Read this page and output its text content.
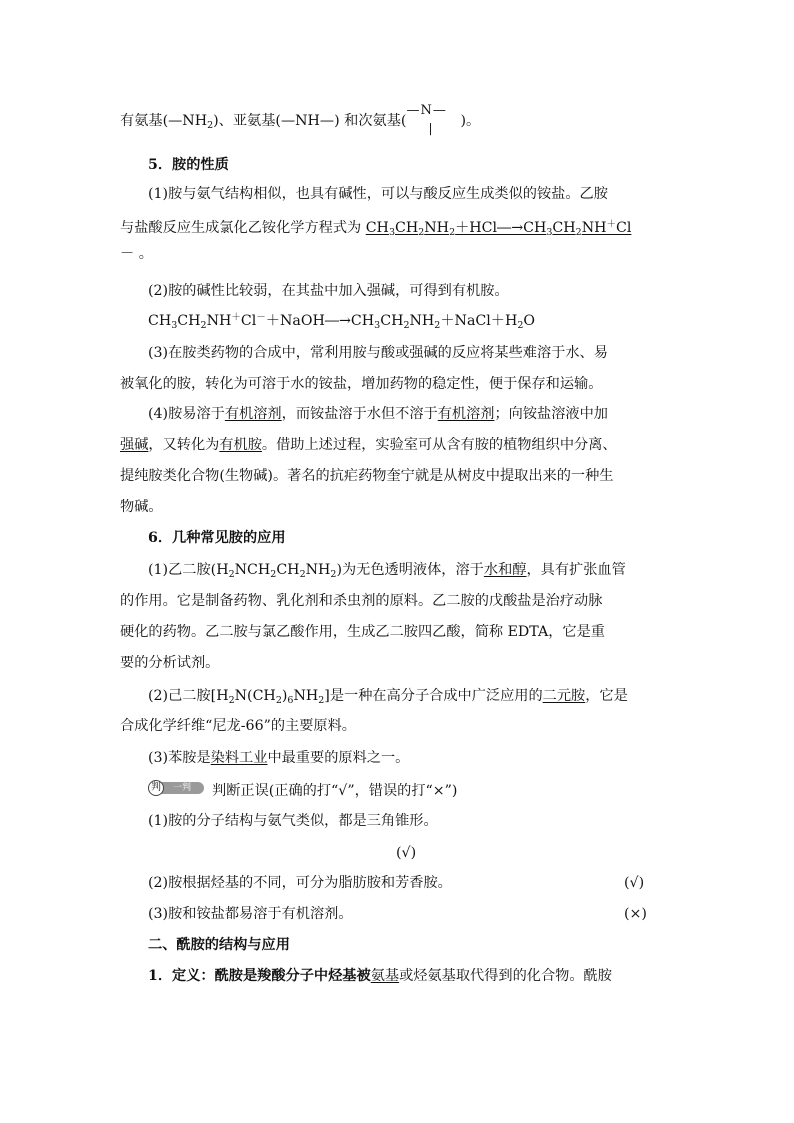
有氨基$(—NH_2)$、亚氨基(—NH—) 和次氨基(
—N—
| )。
5．胺的性质
(1)胺与氨气结构相似，也具有碱性，可以与酸反应生成类似的铵盐。乙胺
与盐酸反应生成氯化乙铵化学方程式为 $CH_3CH_2NH_2+HCl―\to CH_3CH_2NH^+Cl$
－ 。
(2)胺的碱性比较弱，在其盐中加入强碱，可得到有机胺。
$CH_3CH_2NH^+Cl^-+NaOH―\to CH_3CH_2NH_2+NaCl+H_2O$
(3)在胺类药物的合成中，常利用胺与酸或强碱的反应将某些难溶于水、易
被氧化的胺，转化为可溶于水的铵盐，增加药物的稳定性，便于保存和运输。
(4)胺易溶于有机溶剂，而铵盐溶于水但不溶于有机溶剂；向铵盐溶液中加
强碱，又转化为有机胺。借助上述过程，实验室可从含有胺的植物组织中分离、
提纯胺类化合物(生物碱)。著名的抗疟药物奎宁就是从树皮中提取出来的一种生
物碱。
6．几种常见胺的应用
(1)乙二胺$(H_2NCH_2CH_2NH_2)$为无色透明液体，溶于水和醇，具有扩张血管
的作用。它是制备药物、乳化剂和杀虫剂的原料。乙二胺的戊酸盐是治疗动脉
硬化的药物。乙二胺与氯乙酸作用，生成乙二胺四乙酸，简称 EDTA，它是重
要的分析试剂。
(2)己二胺$[H_2N(CH_2)_6NH_2]$是一种在高分子合成中广泛应用的二元胺，它是
合成化学纤维“尼龙-66”的主要原料。
(3)苯胺是染料工业中最重要的原料之一。
一判
判	判断正误(正确的打“√”，错误的打“×”)
(1)胺的分子结构与氨气类似，都是三角锥形。
(√)
(2)胺根据烃基的不同，可分为脂肪胺和芳香胺。	(√)
(3)胺和铵盐都易溶于有机溶剂。	(×)
二、酰胺的结构与应用
1．定义：酰胺是羧酸分子中烃基被氨基或烃氨基取代得到的化合物。酰胺
